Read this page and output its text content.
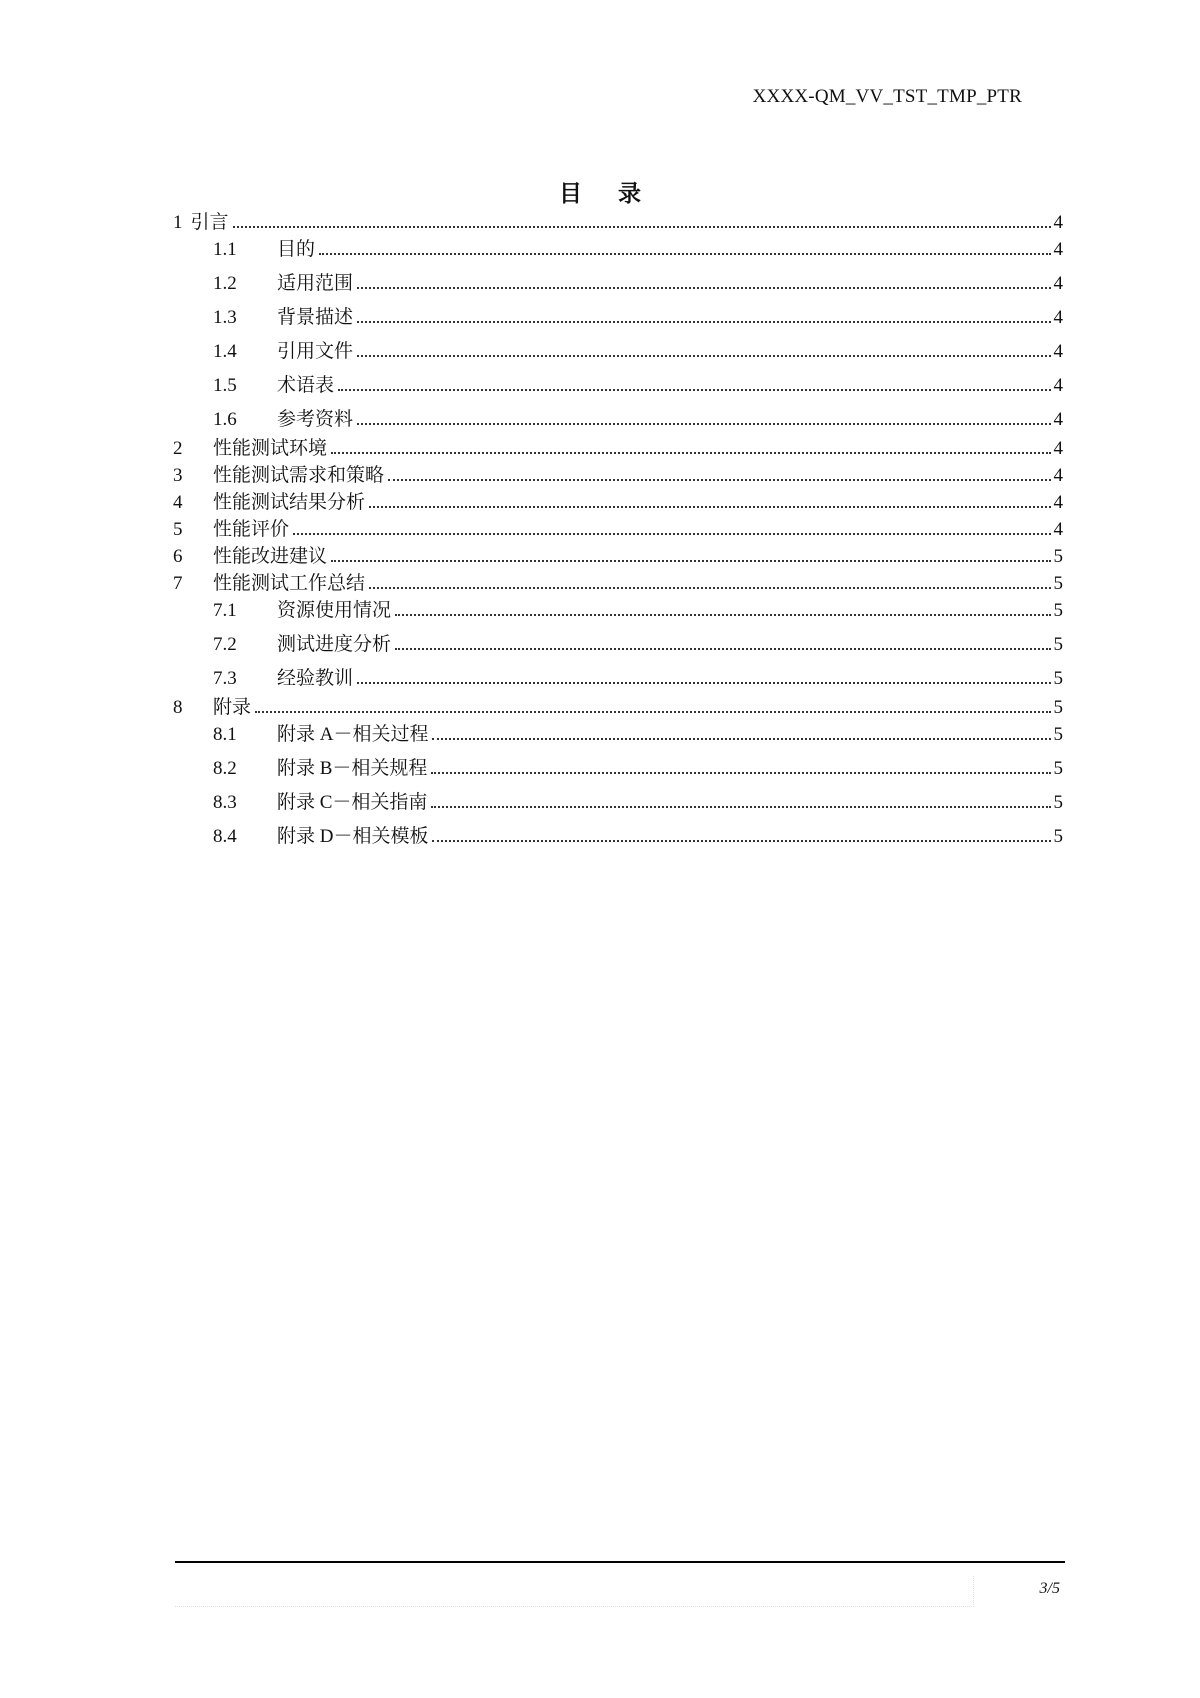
XXXX-QM_VV_TST_TMP_PTR
目 录
1 引言	4
1.1	目的	4
1.2	适用范围	4
1.3	背景描述	4
1.4	引用文件	4
1.5	术语表	4
1.6	参考资料	4
2	性能测试环境	4
3	性能测试需求和策略	4
4	性能测试结果分析	4
5	性能评价	4
6	性能改进建议	5
7	性能测试工作总结	5
7.1	资源使用情况	5
7.2	测试进度分析	5
7.3	经验教训	5
8	附录	5
8.1	附录 A－相关过程	5
8.2	附录 B－相关规程	5
8.3	附录 C－相关指南	5
8.4	附录 D－相关模板	5
3/5
